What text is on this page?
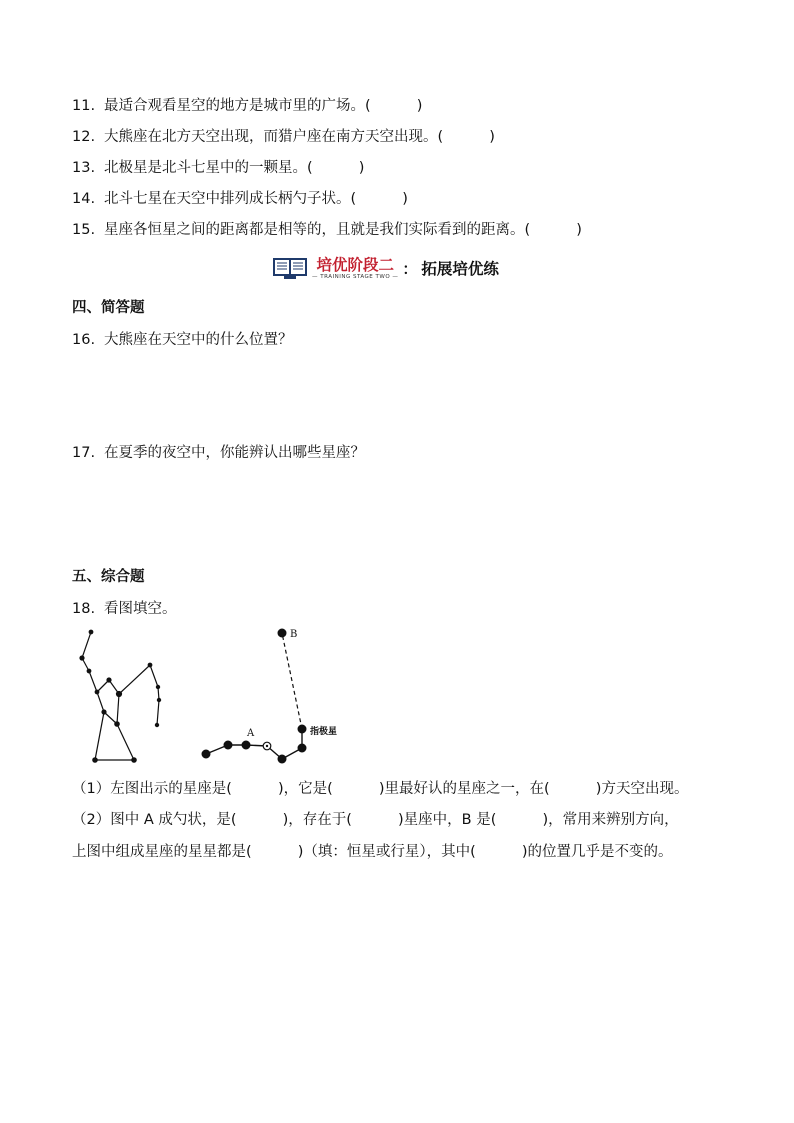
11. 最适合观看星空的地方是城市里的广场。(          )
12. 大熊座在北方天空出现，而猎户座在南方天空出现。(          )
13. 北极星是北斗七星中的一颗星。(          )
14. 北斗七星在天空中排列成长柄勺子状。(          )
15. 星座各恒星之间的距离都是相等的，且就是我们实际看到的距离。(          )
培优阶段二
— TRAINING STAGE TWO — ： 拓展培优练
四、简答题
16. 大熊座在天空中的什么位置？
17. 在夏季的夜空中，你能辨认出哪些星座？
五、综合题
18. 看图填空。
B
A	指极星
（1）左图出示的星座是(          )，它是(          )里最好认的星座之一，在(          )方天空出现。
（2）图中 A 成勺状，是(          )，存在于(          )星座中，B 是(          )，常用来辨别方向，
上图中组成星座的星星都是(          )（填：恒星或行星），其中(          )的位置几乎是不变的。
